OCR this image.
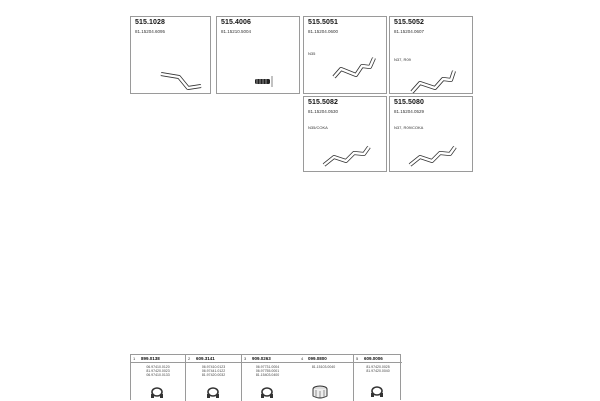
515.1028
81.15204.6095
515.4006
81.15210.5004
515.5051
81.15204.0600
N35
515.5052
81.15204.0607
N37, R09
515.5082
81.15204.0530
N35/COKA
515.5080
81.15204.0529
N37, R09/COKA
1 899.0138
06.97410.0120
81.97420.0023
06.97410.0133
2 609.3141
06.97410.0123
06.97441.0122
81.97420.0032
3 909.0263	4 099.0800
06.97731.0004
06.97755.0001
81.15403.0400
81.15103.0040
5 609.0006
81.97420.0025
81.97420.0040
